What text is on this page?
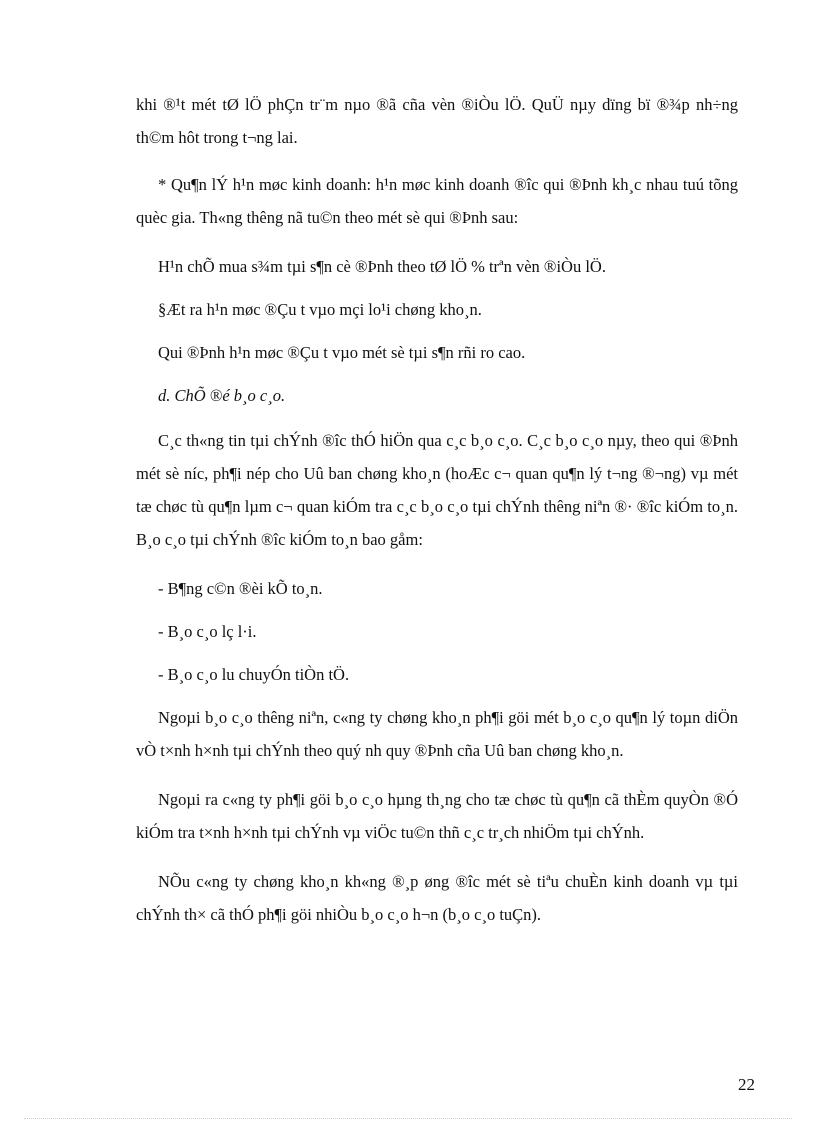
khi ®¹t mét tØ lÖ phÇn tr¨m nµo ®ã cña vèn ®iÒu lÖ. QuÜ nµy dïng bï ®¾p nh÷ng th©m hôt trong t¬ng lai.

* Qu¶n lÝ h¹n møc kinh doanh: h¹n møc kinh doanh ®îc qui ®Þnh kh¸c nhau tuú tõng quèc gia. Th«ng thêng nã tu©n theo mét sè qui ®Þnh sau:

H¹n chÕ mua s¾m tµi s¶n cè ®Þnh theo tØ lÖ % trªn vèn ®iÒu lÖ.

§Æt ra h¹n møc ®Çu t vµo mçi lo¹i chøng kho¸n.

Qui ®Þnh h¹n møc ®Çu t vµo mét sè tµi s¶n rñi ro cao.

d. ChÕ ®é b¸o c¸o.

C¸c th«ng tin tµi chÝnh ®îc thÓ hiÖn qua c¸c b¸o c¸o. C¸c b¸o c¸o nµy, theo qui ®Þnh mét sè níc, ph¶i nép cho Uû ban chøng kho¸n (hoÆc c¬ quan qu¶n lý t¬ng ®¬ng) vµ mét tæ chøc tù qu¶n lµm c¬ quan kiÓm tra c¸c b¸o c¸o tµi chÝnh thêng niªn ®· ®îc kiÓm to¸n. B¸o c¸o tµi chÝnh ®îc kiÓm to¸n bao gåm:

- B¶ng c©n ®èi kÕ to¸n.

- B¸o c¸o lç l·i.

- B¸o c¸o lu chuyÓn tiÒn tÖ.

Ngoµi b¸o c¸o thêng niªn, c«ng ty chøng kho¸n ph¶i göi mét b¸o c¸o qu¶n lý toµn diÖn vÒ t×nh h×nh tµi chÝnh theo quý nh quy ®Þnh cña Uû ban chøng kho¸n.

Ngoµi ra c«ng ty ph¶i göi b¸o c¸o hµng th¸ng cho tæ chøc tù qu¶n cã thÈm quyÒn ®Ó kiÓm tra t×nh h×nh tµi chÝnh vµ viÖc tu©n thñ c¸c tr¸ch nhiÖm tµi chÝnh.

NÕu c«ng ty chøng kho¸n kh«ng ®¸p øng ®îc mét sè tiªu chuÈn kinh doanh vµ tµi chÝnh th× cã thÓ ph¶i göi nhiÒu b¸o c¸o h¬n (b¸o c¸o tuÇn).

22
